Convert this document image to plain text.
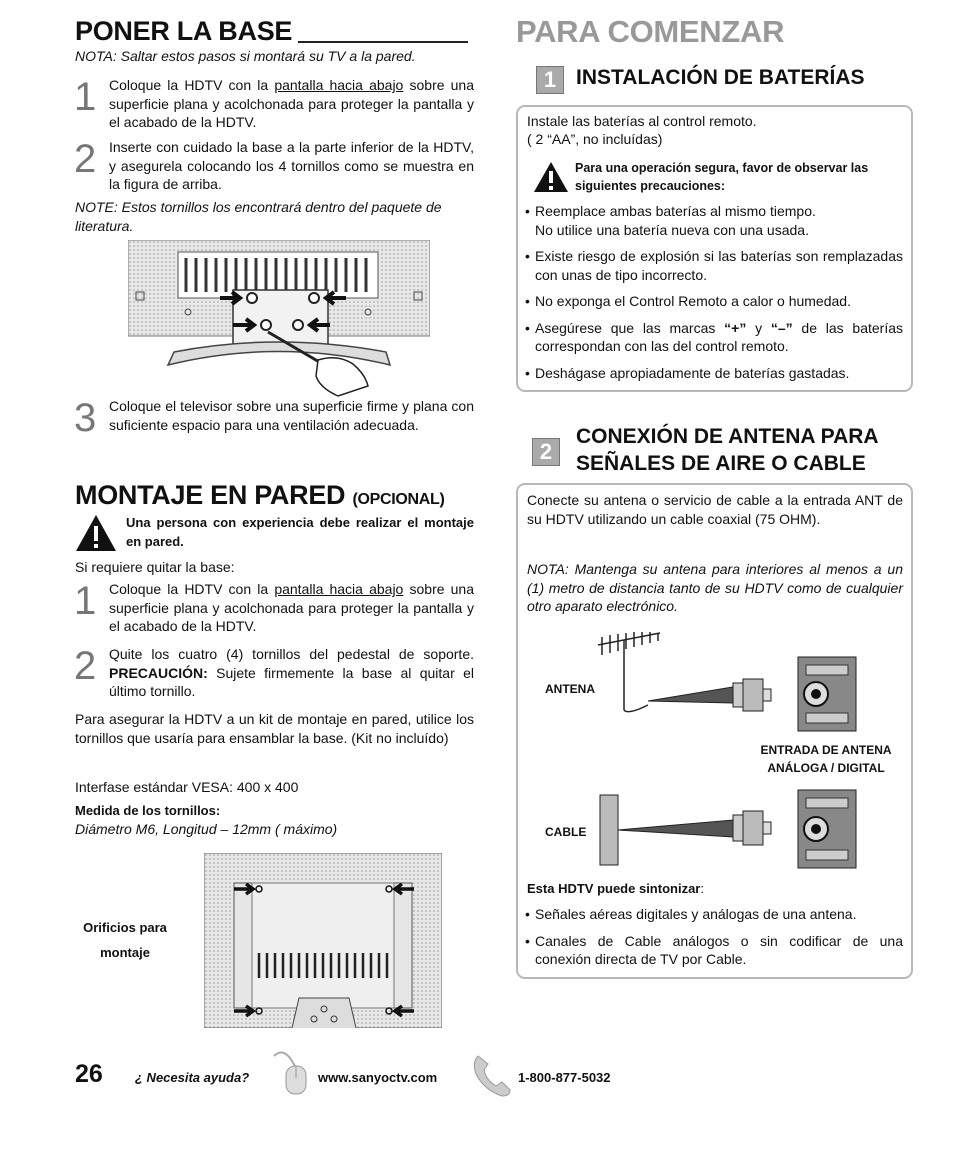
PONER LA BASE
NOTA: Saltar estos pasos si montará su TV a la pared.
1 Coloque la HDTV con la pantalla hacia abajo sobre una superficie plana y acolchonada para proteger la pantalla y el acabado de la HDTV.
2 Inserte con cuidado la base a la parte inferior de la HDTV, y asegurela colocando los 4 tornillos como se muestra en la figura de arriba.
NOTE: Estos tornillos los encontrará dentro del paquete de literatura.
3 Coloque el televisor sobre una superficie firme y plana con suficiente espacio para una ventilación adecuada.
MONTAJE EN PARED (OPCIONAL)
Una persona con experiencia debe realizar el montaje en pared.
Si requiere quitar la base:
1 Coloque la HDTV con la pantalla hacia abajo sobre una superficie plana y acolchonada para proteger la pantalla y el acabado de la HDTV.
2 Quite los cuatro (4) tornillos del pedestal de soporte. PRECAUCIÓN: Sujete firmemente la base al quitar el último tornillo.
Para asegurar la HDTV a un kit de montaje en pared, utilice los tornillos que usaría para ensamblar la base. (Kit no incluído)
Interfase estándar VESA: 400 x 400
Medida de los tornillos:
Diámetro M6, Longitud – 12mm ( máximo)
Orificios para
montaje
PARA COMENZAR
1 INSTALACIÓN DE BATERÍAS
Instale las baterías al control remoto.
( 2 “AA”, no incluídas)
Para una operación segura, favor de observar las siguientes precauciones:
• Reemplace ambas baterías al mismo tiempo.
No utilice una batería nueva con una usada.
• Existe riesgo de explosión si las baterías son remplazadas con unas de tipo incorrecto.
• No exponga el Control Remoto a calor o humedad.
• Asegúrese que las marcas “+” y “–” de las baterías correspondan con las del control remoto.
• Deshágase apropiadamente de baterías gastadas.
2
CONEXIÓN DE ANTENA PARA
SEÑALES DE AIRE O CABLE
Conecte su antena o servicio de cable a la entrada ANT de su HDTV utilizando un cable coaxial (75 OHM).
NOTA: Mantenga su antena para interiores al menos a un (1) metro de distancia tanto de su HDTV como de cualquier otro aparato electrónico.
ANTENA
ENTRADA DE ANTENA
ANÁLOGA / DIGITAL
CABLE
Esta HDTV puede sintonizar:
• Señales aéreas digitales y análogas de una antena.
• Canales de Cable análogos o sin codificar de una conexión directa de TV por Cable.
26 ¿ Necesita ayuda?	www.sanyoctv.com	1-800-877-5032
